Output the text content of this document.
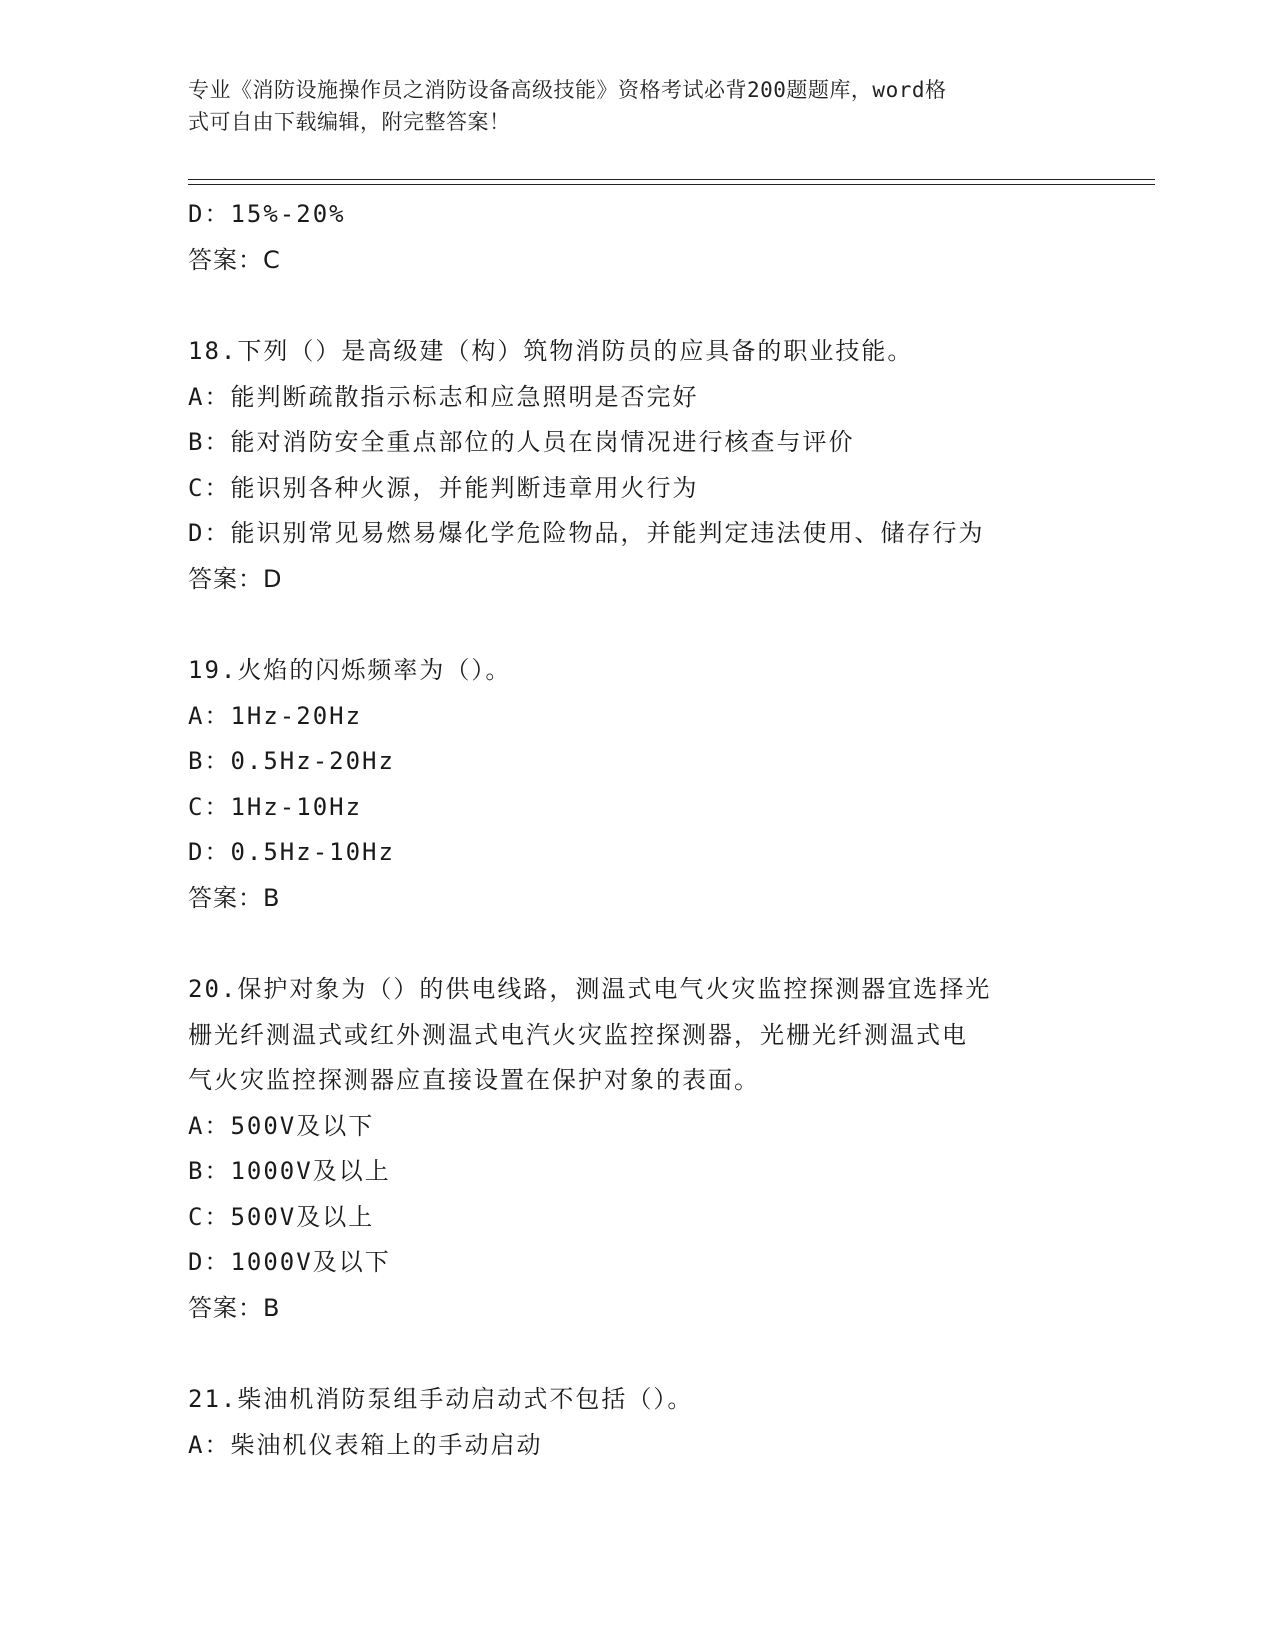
专业《消防设施操作员之消防设备高级技能》资格考试必背200题题库，word格
式可自由下载编辑，附完整答案！
D：15%-20%
答案：C
18.下列（）是高级建（构）筑物消防员的应具备的职业技能。
A：能判断疏散指示标志和应急照明是否完好
B：能对消防安全重点部位的人员在岗情况进行核查与评价
C：能识别各种火源，并能判断违章用火行为
D：能识别常见易燃易爆化学危险物品，并能判定违法使用、储存行为
答案：D
19.火焰的闪烁频率为（）。
A：1Hz-20Hz
B：0.5Hz-20Hz
C：1Hz-10Hz
D：0.5Hz-10Hz
答案：B
20.保护对象为（）的供电线路，测温式电气火灾监控探测器宜选择光
栅光纤测温式或红外测温式电汽火灾监控探测器，光栅光纤测温式电
气火灾监控探测器应直接设置在保护对象的表面。
A：500V及以下
B：1000V及以上
C：500V及以上
D：1000V及以下
答案：B
21.柴油机消防泵组手动启动式不包括（）。
A：柴油机仪表箱上的手动启动
